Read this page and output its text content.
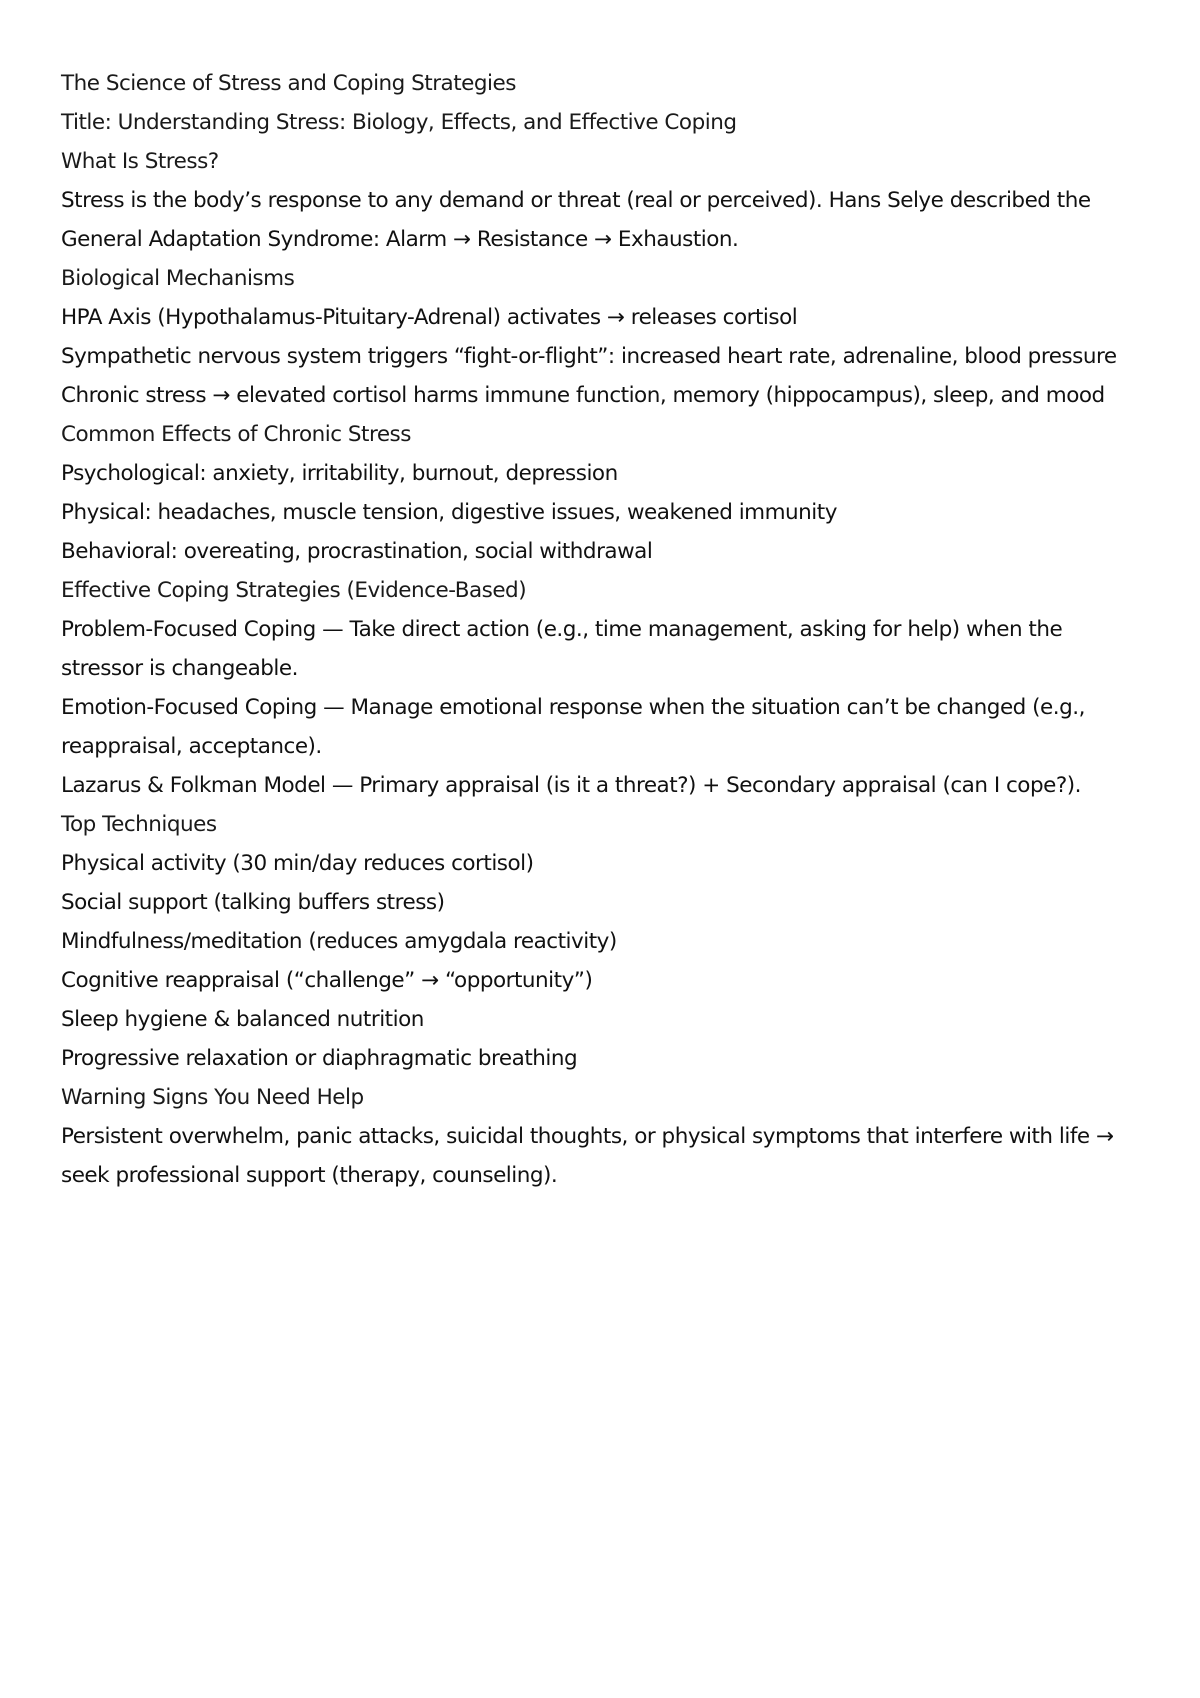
The Science of Stress and Coping Strategies

Title: Understanding Stress: Biology, Effects, and Effective Coping

What Is Stress?

Stress is the body’s response to any demand or threat (real or perceived). Hans Selye described the

General Adaptation Syndrome: Alarm → Resistance → Exhaustion.

Biological Mechanisms

HPA Axis (Hypothalamus-Pituitary-Adrenal) activates → releases cortisol

Sympathetic nervous system triggers “fight-or-flight”: increased heart rate, adrenaline, blood pressure

Chronic stress → elevated cortisol harms immune function, memory (hippocampus), sleep, and mood

Common Effects of Chronic Stress

Psychological: anxiety, irritability, burnout, depression

Physical: headaches, muscle tension, digestive issues, weakened immunity

Behavioral: overeating, procrastination, social withdrawal

Effective Coping Strategies (Evidence-Based)

Problem-Focused Coping — Take direct action (e.g., time management, asking for help) when the

stressor is changeable.

Emotion-Focused Coping — Manage emotional response when the situation can’t be changed (e.g.,

reappraisal, acceptance).

Lazarus & Folkman Model — Primary appraisal (is it a threat?) + Secondary appraisal (can I cope?).

Top Techniques

Physical activity (30 min/day reduces cortisol)

Social support (talking buffers stress)

Mindfulness/meditation (reduces amygdala reactivity)

Cognitive reappraisal (“challenge” → “opportunity”)

Sleep hygiene & balanced nutrition

Progressive relaxation or diaphragmatic breathing

Warning Signs You Need Help

Persistent overwhelm, panic attacks, suicidal thoughts, or physical symptoms that interfere with life →

seek professional support (therapy, counseling).
